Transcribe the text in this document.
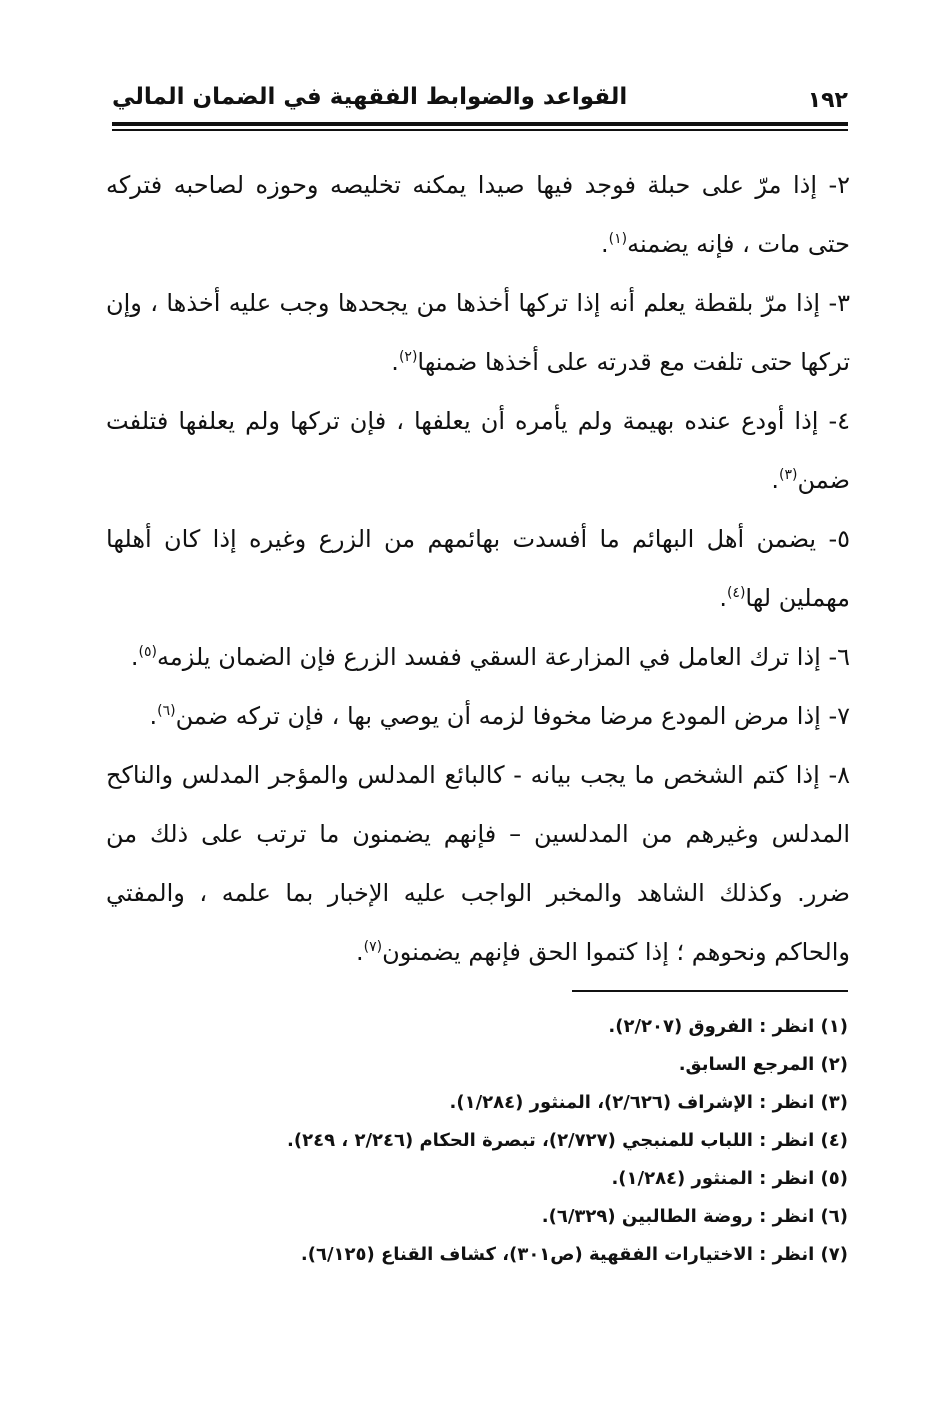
القواعد والضوابط الفقهية في الضمان المالي	١٩٢

٢- إذا مرّ على حبلة فوجد فيها صيدا يمكنه تخليصه وحوزه لصاحبه فتركه حتى مات ، فإنه يضمنه$^{(١)}$.

٣- إذا مرّ بلقطة يعلم أنه إذا تركها أخذها من يجحدها وجب عليه أخذها ، وإن تركها حتى تلفت مع قدرته على أخذها ضمنها$^{(٢)}$.

٤- إذا أودع عنده بهيمة ولم يأمره أن يعلفها ، فإن تركها ولم يعلفها فتلفت ضمن$^{(٣)}$.

٥- يضمن أهل البهائم ما أفسدت بهائمهم من الزرع وغيره إذا كان أهلها مهملين لها$^{(٤)}$.

٦- إذا ترك العامل في المزارعة السقي ففسد الزرع فإن الضمان يلزمه$^{(٥)}$.

٧- إذا مرض المودع مرضا مخوفا لزمه أن يوصي بها ، فإن تركه ضمن$^{(٦)}$.

٨- إذا كتم الشخص ما يجب بيانه - كالبائع المدلس والمؤجر المدلس والناكح المدلس وغيرهم من المدلسين – فإنهم يضمنون ما ترتب على ذلك من ضرر. وكذلك الشاهد والمخبر الواجب عليه الإخبار بما علمه ، والمفتي والحاكم ونحوهم ؛ إذا كتموا الحق فإنهم يضمنون$^{(٧)}$.

(١) انظر : الفروق (٢/٢٠٧).

(٢) المرجع السابق.

(٣) انظر : الإشراف (٢/٦٢٦)، المنثور (١/٢٨٤).

(٤) انظر : اللباب للمنبجي (٢/٧٢٧)، تبصرة الحكام (٢/٢٤٦ ، ٢٤٩).

(٥) انظر : المنثور (١/٢٨٤).

(٦) انظر : روضة الطالبين (٦/٣٢٩).

(٧) انظر : الاختيارات الفقهية (ص٣٠١)، كشاف القناع (٦/١٢٥).
